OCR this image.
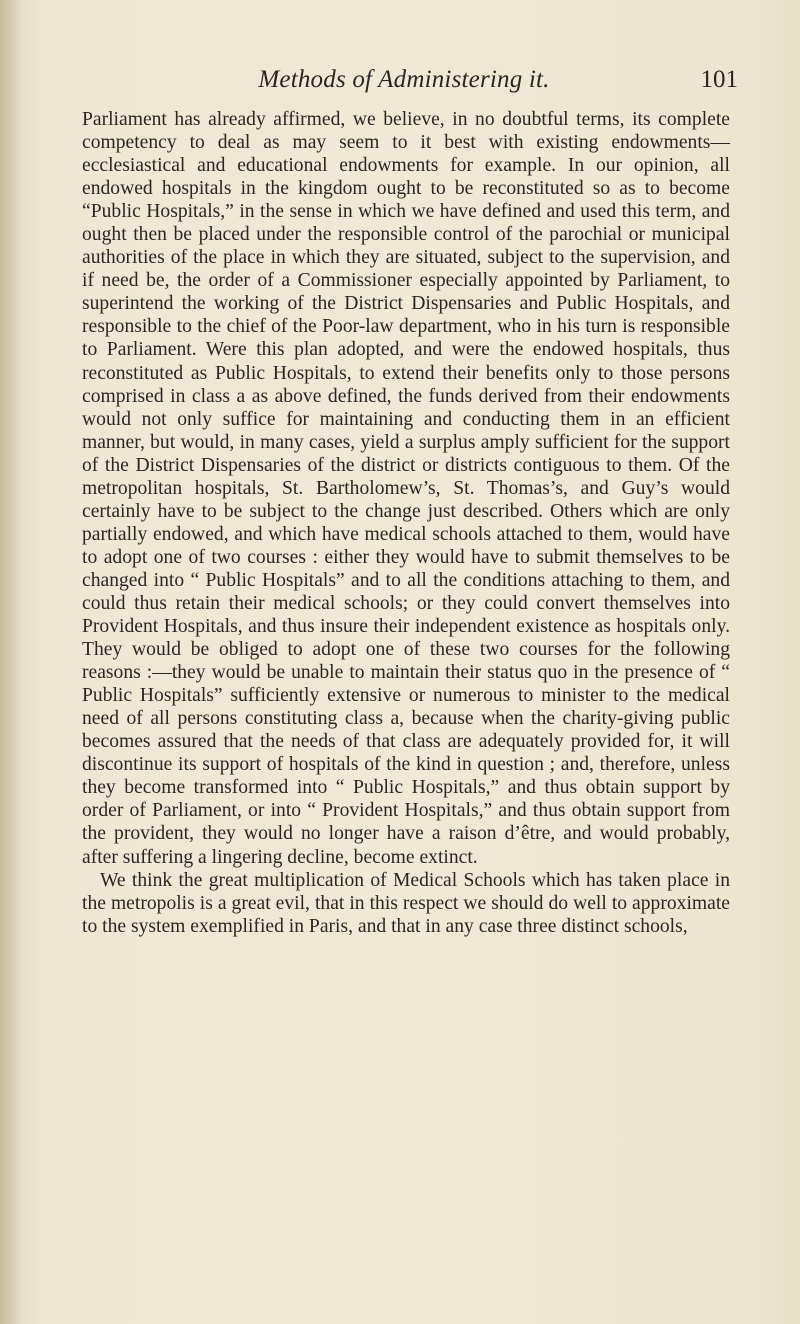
Methods of Administering it.	101

Parliament has already affirmed, we believe, in no doubtful terms, its complete competency to deal as may seem to it best with existing endowments—ecclesiastical and educational endowments for example. In our opinion, all endowed hospitals in the kingdom ought to be reconstituted so as to become “Public Hospitals,” in the sense in which we have defined and used this term, and ought then be placed under the responsible control of the parochial or municipal authorities of the place in which they are situated, subject to the supervision, and if need be, the order of a Commissioner especially appointed by Parliament, to superintend the working of the District Dispensaries and Public Hospitals, and responsible to the chief of the Poor-law department, who in his turn is responsible to Parliament. Were this plan adopted, and were the endowed hospitals, thus reconstituted as Public Hospitals, to extend their benefits only to those persons comprised in class a as above defined, the funds derived from their endowments would not only suffice for maintaining and conducting them in an efficient manner, but would, in many cases, yield a surplus amply sufficient for the support of the District Dispensaries of the district or districts contiguous to them. Of the metropolitan hospitals, St. Bartholomew’s, St. Thomas’s, and Guy’s would certainly have to be subject to the change just described. Others which are only partially endowed, and which have medical schools attached to them, would have to adopt one of two courses : either they would have to submit themselves to be changed into “ Public Hospitals” and to all the conditions attaching to them, and could thus retain their medical schools; or they could convert themselves into Provident Hospitals, and thus insure their independent existence as hospitals only. They would be obliged to adopt one of these two courses for the following reasons :—they would be unable to maintain their status quo in the presence of “ Public Hospitals” sufficiently extensive or numerous to minister to the medical need of all persons constituting class a, because when the charity-giving public becomes assured that the needs of that class are adequately provided for, it will discontinue its support of hospitals of the kind in question ; and, therefore, unless they become transformed into “ Public Hospitals,” and thus obtain support by order of Parliament, or into “ Provident Hospitals,” and thus obtain support from the provident, they would no longer have a raison d’être, and would probably, after suffering a lingering decline, become extinct.

We think the great multiplication of Medical Schools which has taken place in the metropolis is a great evil, that in this respect we should do well to approximate to the system exemplified in Paris, and that in any case three distinct schools,
